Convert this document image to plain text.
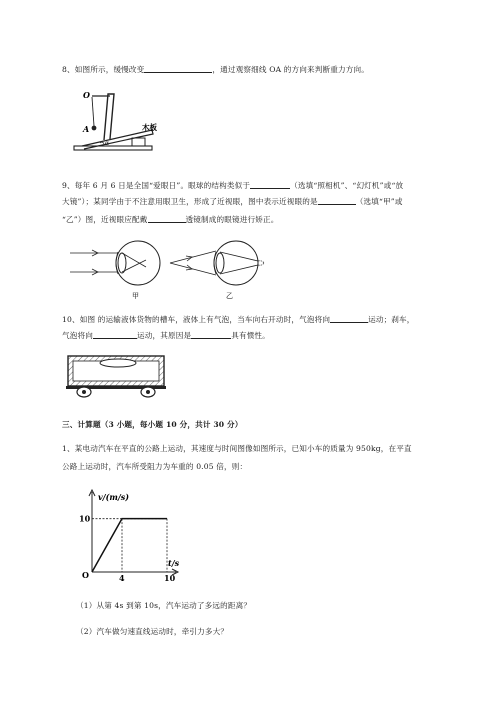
8、如图所示，缓慢改变	，通过观察细线 OA 的方向来判断重力方向。
O
A	木板
α
9、每年 6 月 6 日是全国“爱眼日”。眼球的结构类似于	（选填“照相机”、“幻灯机”或“放
大镜”）；某同学由于不注意用眼卫生，形成了近视眼，图中表示近视眼的是	（选填“甲”或
“乙”）图，近视眼应配戴	透镜制成的眼镜进行矫正。
甲	乙
10、如图 的运输液体货物的槽车，液体上有气泡，当车向右开动时，气泡将向	运动；刹车，
气泡将向	运动，其原因是	具有惯性。
三、计算题（3 小题，每小题 10 分，共计 30 分）
1、某电动汽车在平直的公路上运动，其速度与时间图像如图所示，已知小车的质量为 950kg，在平直
公路上运动时，汽车所受阻力为车重的 0.05 倍，则：
v/(m/s)
t/s
O	4	10
10
（1）从第 4s 到第 10s，汽车运动了多远的距离？
（2）汽车做匀速直线运动时，牵引力多大？
